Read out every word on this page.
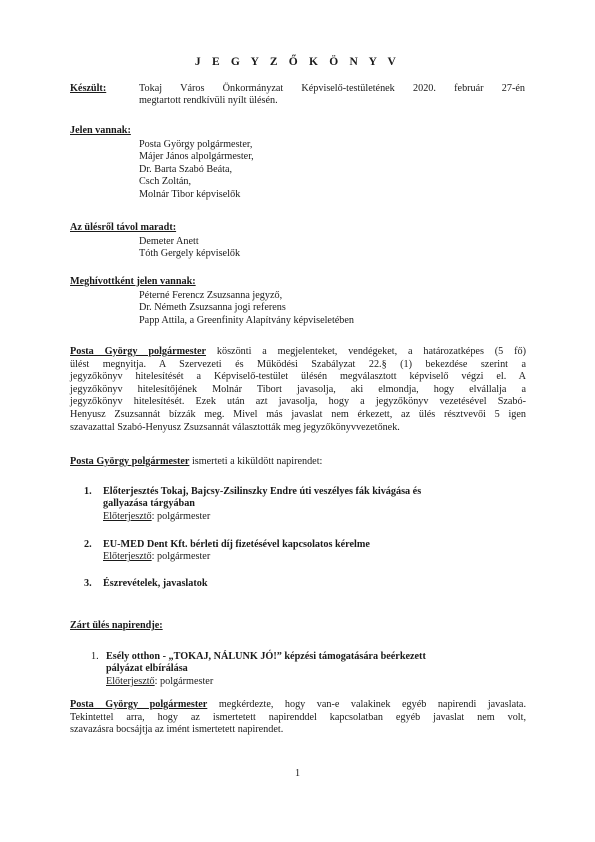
J E G Y Z Ő K Ö N Y V
Készült:	Tokaj Város Önkormányzat Képviselő-testületének 2020. február 27-én
megtartott rendkívüli nyílt ülésén.
Jelen vannak:
Posta György polgármester,
Májer János alpolgármester,
Dr. Barta Szabó Beáta,
Csch Zoltán,
Molnár Tibor képviselők
Az ülésről távol maradt:
Demeter Anett
Tóth Gergely képviselők
Meghívottként jelen vannak:
Péterné Ferencz Zsuzsanna jegyző,
Dr. Németh Zsuzsanna jogi referens
Papp Attila, a Greenfinity Alapítvány képviseletében
Posta György polgármester köszönti a megjelenteket, vendégeket, a határozatképes (5 fő)
ülést megnyitja. A Szervezeti és Működési Szabályzat 22.§ (1) bekezdése szerint a
jegyzőkönyv hitelesítését a Képviselő-testület ülésén megválasztott képviselő végzi el. A
jegyzőkönyv hitelesítőjének Molnár Tibort javasolja, aki elmondja, hogy elvállalja a
jegyzőkönyv hitelesítését. Ezek után azt javasolja, hogy a jegyzőkönyv vezetésével Szabó-
Henyusz Zsuzsannát bízzák meg. Mivel más javaslat nem érkezett, az ülés résztvevői 5 igen
szavazattal Szabó-Henyusz Zsuzsannát választották meg jegyzőkönyvvezetőnek.
Posta György polgármester ismerteti a kiküldött napirendet:
1. Előterjesztés Tokaj, Bajcsy-Zsilinszky Endre úti veszélyes fák kivágása és
gallyazása tárgyában
Előterjesztő: polgármester
2. EU-MED Dent Kft. bérleti díj fizetésével kapcsolatos kérelme
Előterjesztő: polgármester
3. Észrevételek, javaslatok
Zárt ülés napirendje:
1. Esély otthon - „TOKAJ, NÁLUNK JÓ!” képzési támogatására beérkezett
pályázat elbírálása
Előterjesztő: polgármester
Posta György polgármester megkérdezte, hogy van-e valakinek egyéb napirendi javaslata.
Tekintettel arra, hogy az ismertetett napirenddel kapcsolatban egyéb javaslat nem volt,
szavazásra bocsájtja az imént ismertetett napirendet.
1
